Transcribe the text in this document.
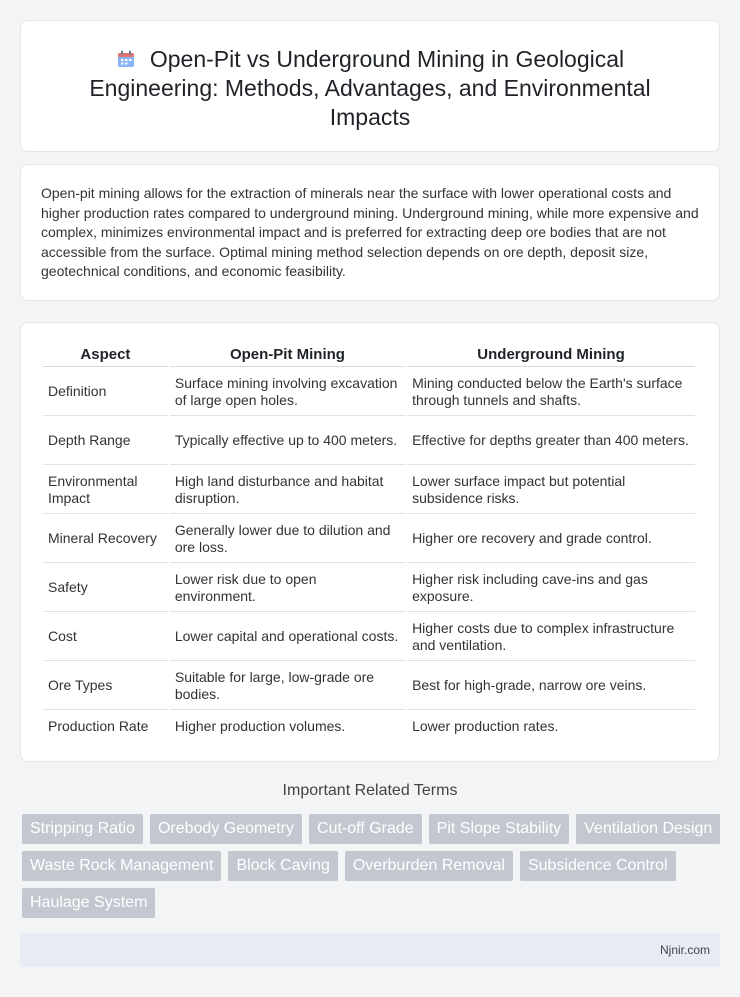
Open-Pit vs Underground Mining in Geological Engineering: Methods, Advantages, and Environmental Impacts

Open-pit mining allows for the extraction of minerals near the surface with lower operational costs and higher production rates compared to underground mining. Underground mining, while more expensive and complex, minimizes environmental impact and is preferred for extracting deep ore bodies that are not accessible from the surface. Optimal mining method selection depends on ore depth, deposit size, geotechnical conditions, and economic feasibility.

Aspect	Open-Pit Mining	Underground Mining
Definition	Surface mining involving excavation of large open holes.	Mining conducted below the Earth's surface through tunnels and shafts.
Depth Range	Typically effective up to 400 meters.	Effective for depths greater than 400 meters.
Environmental Impact	High land disturbance and habitat disruption.	Lower surface impact but potential subsidence risks.
Mineral Recovery	Generally lower due to dilution and ore loss.	Higher ore recovery and grade control.
Safety	Lower risk due to open environment.	Higher risk including cave-ins and gas exposure.
Cost	Lower capital and operational costs.	Higher costs due to complex infrastructure and ventilation.
Ore Types	Suitable for large, low-grade ore bodies.	Best for high-grade, narrow ore veins.
Production Rate	Higher production volumes.	Lower production rates.
Important Related Terms
Stripping Ratio	Orebody Geometry	Cut-off Grade	Pit Slope Stability	Ventilation Design
Waste Rock Management	Block Caving	Overburden Removal	Subsidence Control
Haulage System
Njnir.com
